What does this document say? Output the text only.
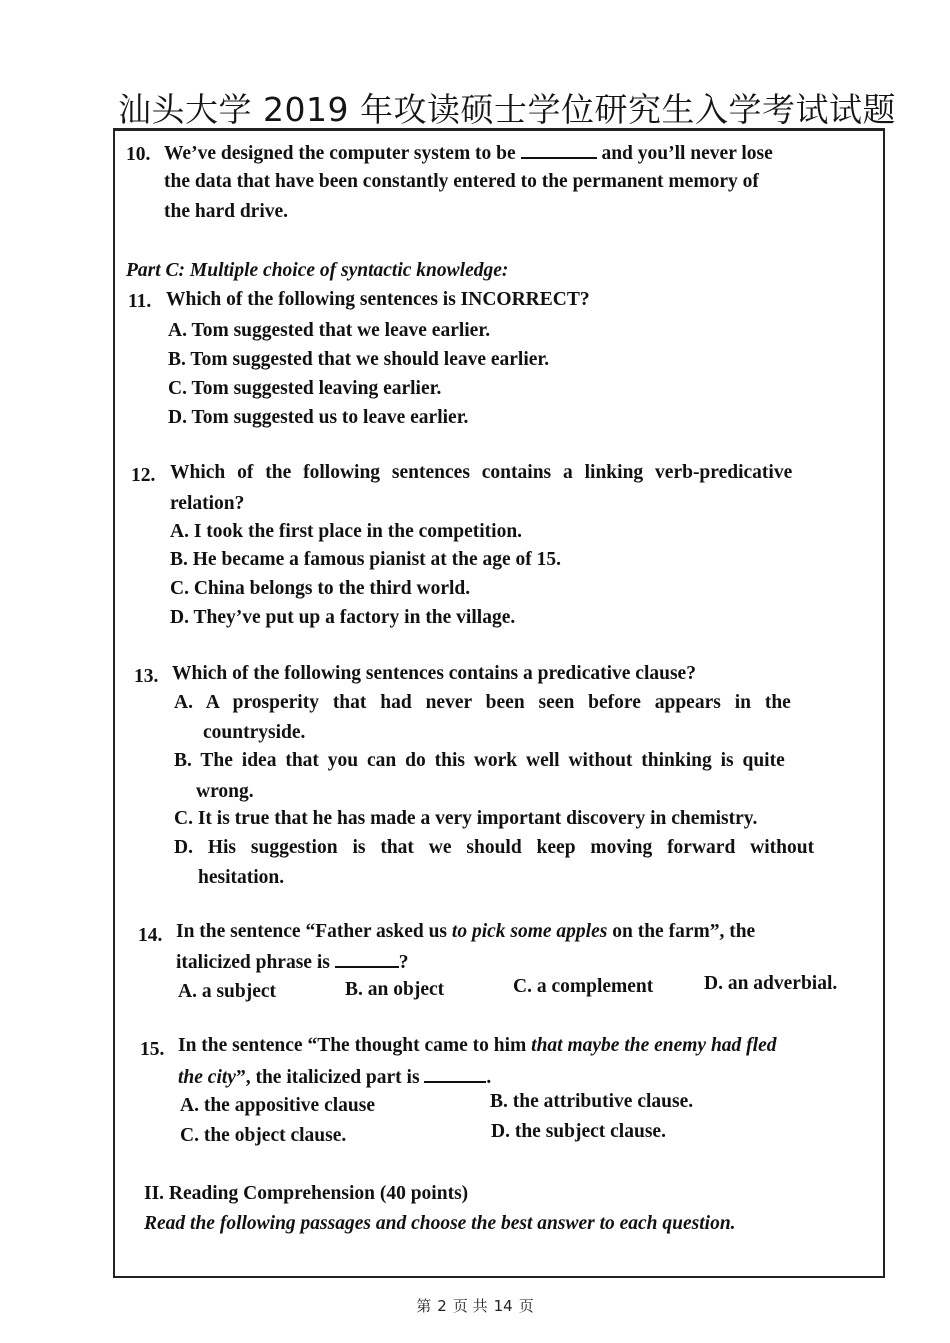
汕头大学 2019 年攻读硕士学位研究生入学考试试题
10. We’ve designed the computer system to be	and you’ll never lose
the data that have been constantly entered to the permanent memory of
the hard drive.
Part C: Multiple choice of syntactic knowledge:
11. Which of the following sentences is INCORRECT?
A. Tom suggested that we leave earlier.
B. Tom suggested that we should leave earlier.
C. Tom suggested leaving earlier.
D. Tom suggested us to leave earlier.
12. Which of the following sentences contains a linking verb-predicative
relation?
A. I took the first place in the competition.
B. He became a famous pianist at the age of 15.
C. China belongs to the third world.
D. They’ve put up a factory in the village.
13. Which of the following sentences contains a predicative clause?
A. A prosperity that had never been seen before appears in the
countryside.
B. The idea that you can do this work well without thinking is quite
wrong.
C. It is true that he has made a very important discovery in chemistry.
D. His suggestion is that we should keep moving forward without
hesitation.
14. In the sentence “Father asked us to pick some apples on the farm”, the
italicized phrase is	?
A. a subject	B. an object	C. a complement	D. an adverbial.
15. In the sentence “The thought came to him that maybe the enemy had fled
the city”, the italicized part is	.
A. the appositive clause	B. the attributive clause.
C. the object clause.	D. the subject clause.
II. Reading Comprehension (40 points)
Read the following passages and choose the best answer to each question.
第 2 页 共 14 页
